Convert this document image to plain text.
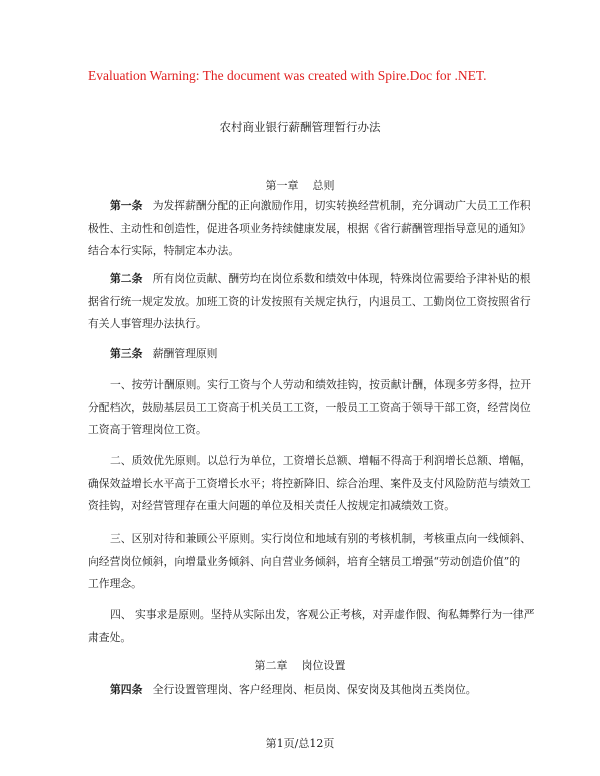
Evaluation Warning: The document was created with Spire.Doc for .NET.
农村商业银行薪酬管理暂行办法
第一章 总则
第一条 为发挥薪酬分配的正向激励作用，切实转换经营机制，充分调动广大员工工作积
极性、主动性和创造性，促进各项业务持续健康发展，根据《省行薪酬管理指导意见的通知》
结合本行实际，特制定本办法。
第二条 所有岗位贡献、酬劳均在岗位系数和绩效中体现，特殊岗位需要给予津补贴的根
据省行统一规定发放。加班工资的计发按照有关规定执行，内退员工、工勤岗位工资按照省行
有关人事管理办法执行。
第三条 薪酬管理原则
一、按劳计酬原则。实行工资与个人劳动和绩效挂钩，按贡献计酬，体现多劳多得，拉开
分配档次，鼓励基层员工工资高于机关员工工资，一般员工工资高于领导干部工资，经营岗位
工资高于管理岗位工资。
二、质效优先原则。以总行为单位，工资增长总额、增幅不得高于利润增长总额、增幅，
确保效益增长水平高于工资增长水平；将控新降旧、综合治理、案件及支付风险防范与绩效工
资挂钩，对经营管理存在重大问题的单位及相关责任人按规定扣减绩效工资。
三、区别对待和兼顾公平原则。实行岗位和地域有别的考核机制，考核重点向一线倾斜、
向经营岗位倾斜，向增量业务倾斜、向自营业务倾斜，培育全辖员工增强“劳动创造价值”的
工作理念。
四、 实事求是原则。坚持从实际出发，客观公正考核，对弄虚作假、徇私舞弊行为一律严
肃查处。
第二章 岗位设置
第四条 全行设置管理岗、客户经理岗、柜员岗、保安岗及其他岗五类岗位。
第1页/总12页
